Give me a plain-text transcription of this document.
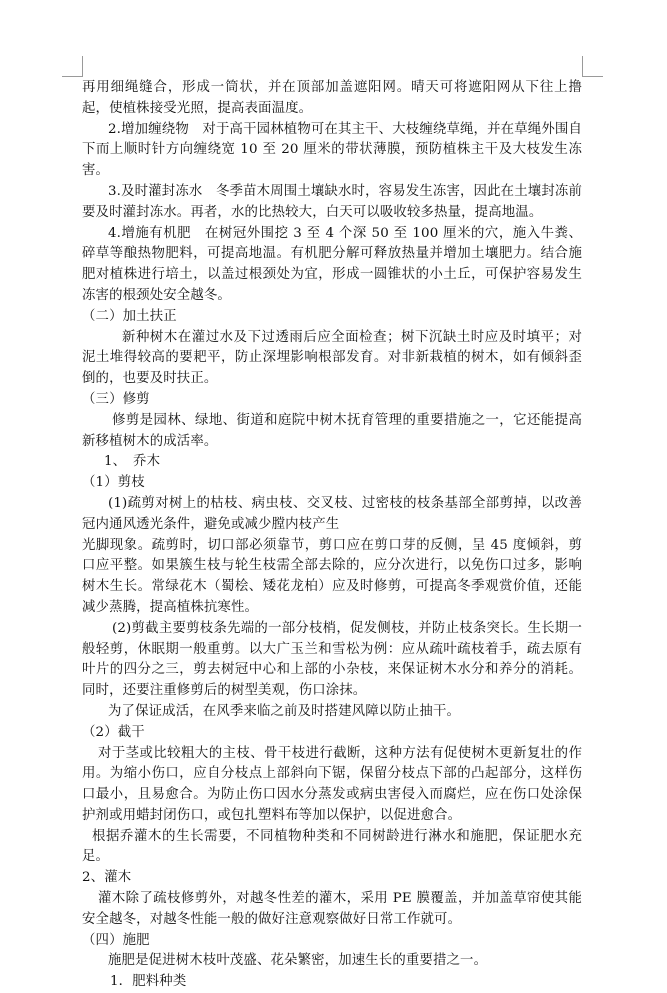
再用细绳缝合，形成一筒状，并在顶部加盖遮阳网。晴天可将遮阳网从下往上撸起，使植株接受光照，提高表面温度。

2.增加缠绕物　对于高干园林植物可在其主干、大枝缠绕草绳，并在草绳外围自下而上顺时针方向缠绕宽 10 至 20 厘米的带状薄膜，预防植株主干及大枝发生冻害。

3.及时灌封冻水　冬季苗木周围土壤缺水时，容易发生冻害，因此在土壤封冻前要及时灌封冻水。再者，水的比热较大，白天可以吸收较多热量，提高地温。

4.增施有机肥　在树冠外围挖 3 至 4 个深 50 至 100 厘米的穴，施入牛粪、碎草等酿热物肥料，可提高地温。有机肥分解可释放热量并增加土壤肥力。结合施肥对植株进行培土，以盖过根颈处为宜，形成一圆锥状的小土丘，可保护容易发生冻害的根颈处安全越冬。

（二）加土扶正

新种树木在灌过水及下过透雨后应全面检查；树下沉缺土时应及时填平；对泥土堆得较高的要耙平，防止深埋影响根部发育。对非新栽植的树木，如有倾斜歪倒的，也要及时扶正。

（三）修剪

修剪是园林、绿地、街道和庭院中树木抚育管理的重要措施之一，它还能提高新移植树木的成活率。

1、　乔木

（1）剪枝

(1)疏剪对树上的枯枝、病虫枝、交叉枝、过密枝的枝条基部全部剪掉，以改善冠内通风透光条件，避免或减少膛内枝产生

光脚现象。疏剪时，切口部必须靠节，剪口应在剪口芽的反侧，呈 45 度倾斜，剪口应平整。如果簇生枝与轮生枝需全部去除的，应分次进行，以免伤口过多，影响树木生长。常绿花木（蜀桧、矮花龙柏）应及时修剪，可提高冬季观赏价值，还能减少蒸腾，提高植株抗寒性。

(2)剪截主要剪枝条先端的一部分枝梢，促发侧枝，并防止枝条突长。生长期一般轻剪，休眠期一般重剪。以大广玉兰和雪松为例：应从疏叶疏枝着手，疏去原有叶片的四分之三，剪去树冠中心和上部的小杂枝，来保证树木水分和养分的消耗。同时，还要注重修剪后的树型美观，伤口涂抹。

为了保证成活，在风季来临之前及时搭建风障以防止抽干。

（2）截干

对于茎或比较粗大的主枝、骨干枝进行截断，这种方法有促使树木更新复壮的作用。为缩小伤口，应自分枝点上部斜向下锯，保留分枝点下部的凸起部分，这样伤口最小，且易愈合。为防止伤口因水分蒸发或病虫害侵入而腐烂，应在伤口处涂保护剂或用蜡封闭伤口，或包扎塑料布等加以保护，以促进愈合。

根据乔灌木的生长需要，不同植物种类和不同树龄进行淋水和施肥，保证肥水充足。

2、灌木

灌木除了疏枝修剪外，对越冬性差的灌木，采用 PE 膜覆盖，并加盖草帘使其能安全越冬，对越冬性能一般的做好注意观察做好日常工作就可。

（四）施肥

施肥是促进树木枝叶茂盛、花朵繁密，加速生长的重要措之一。

1．肥料种类
